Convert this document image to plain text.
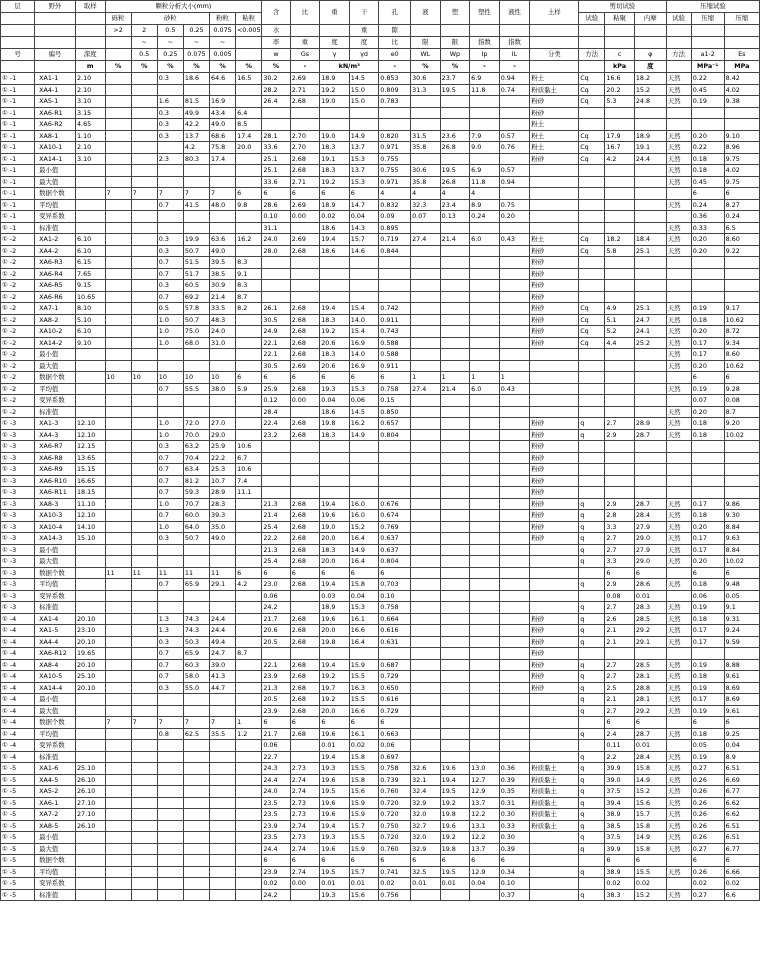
层	野外	取样	颗粒分析大小(mm)						含	比	重	干	孔	液	塑	塑性	液性	土样	剪切试验			压缩试验		
			砾粒	砂粒			粉粒	粘粒											试验	粘聚	内摩	试验	压缩	压缩
			>2	2	0.5	0.25	0.075	<0.005	水			重	隙											
				~	~	~	~		率	重	度	度	比	限	限	指数	指数							
号	编号	深度		0.5	0.25	0.075	0.005		w	Gs	γ	γd	e0	WL	Wp	Ip	IL	分类	方法	c	φ	方法	a1-2	Es
		m	%	%	%	%	%	%	%	-	kN/m³		-	%	%	-	-			kPa	度		MPa⁻¹	MPa
① -1	XA1-1	2.10			0.3	18.6	64.6	16.5	30.2	2.69	18.9	14.5	0.853	30.6	23.7	6.9	0.94	粉土	Cq	16.6	18.2	天然	0.22	8.42
① -1	XA4-1	2.10							28.2	2.71	19.2	15.0	0.809	31.3	19.5	11.8	0.74	粉质黏土	Cq	20.2	15.2	天然	0.45	4.02
① -1	XA5-1	3.10			1.6	81.5	16.9		26.4	2.68	19.0	15.0	0.783					粉砂	Cq	5.3	24.8	天然	0.19	9.38
① -1	XA6-R1	3.15			0.3	49.9	43.4	6.4										粉砂						
① -1	XA6-R2	4.65			0.3	42.2	49.0	8.5										粉土						
① -1	XA8-1	1.10			0.3	13.7	68.6	17.4	28.1	2.70	19.0	14.9	0.820	31.5	23.6	7.9	0.57	粉土	Cq	17.9	18.9	天然	0.20	9.10
① -1	XA10-1	2.10				4.2	75.8	20.0	33.6	2.70	18.3	13.7	0.971	35.8	26.8	9.0	0.76	粉土	Cq	16.7	19.1	天然	0.22	8.96
① -1	XA14-1	3.10			2.3	80.3	17.4		25.1	2.68	19.1	15.3	0.755					粉砂	Cq	4.2	24.4	天然	0.18	9.75
① -1	最小值								25.1	2.68	18.3	13.7	0.755	30.6	19.5	6.9	0.57					天然	0.18	4.02
① -1	最大值								33.6	2.71	19.2	15.3	0.971	35.8	26.8	11.8	0.94					天然	0.45	9.75
① -1	数据个数		7	7	7	7	7	6	6	6	6	6	4	4	4	4							6	6
① -1	平均值				0.7	41.5	48.0	9.8	28.6	2.69	18.9	14.7	0.832	32.3	23.4	8.9	0.75					天然	0.24	8.27
① -1	变异系数								0.10	0.00	0.02	0.04	0.09	0.07	0.13	0.24	0.20						0.36	0.24
① -1	标准值								31.1		18.6	14.3	0.895									天然	0.33	6.5
① -2	XA1-2	6.10			0.3	19.9	63.6	16.2	24.0	2.69	19.4	15.7	0.719	27.4	21.4	6.0	0.43	粉土	Cq	18.2	18.4	天然	0.20	8.60
① -2	XA4-2	6.10			0.3	50.7	49.0		28.0	2.68	18.6	14.6	0.844					粉砂	Cq	5.8	25.1	天然	0.20	9.22
① -2	XA6-R3	6.15			0.7	51.5	39.5	8.3										粉砂						
① -2	XA6-R4	7.65			0.7	51.7	38.5	9.1										粉砂						
① -2	XA6-R5	9.15			0.3	60.5	30.9	8.3										粉砂						
① -2	XA6-R6	10.65			0.7	69.2	21.4	8.7										粉砂						
① -2	XA7-1	8.10			0.5	57.8	33.5	8.2	26.1	2.68	19.4	15.4	0.742					粉砂	Cq	4.9	25.1	天然	0.19	9.17
① -2	XA8-2	5.10			1.0	50.7	48.3		30.5	2.68	18.3	14.0	0.911					粉砂	Cq	5.1	24.7	天然	0.18	10.62
① -2	XA10-2	6.10			1.0	75.0	24.0		24.9	2.68	19.2	15.4	0.743					粉砂	Cq	5.2	24.1	天然	0.20	8.72
① -2	XA14-2	9.10			1.0	68.0	31.0		22.1	2.68	20.6	16.9	0.588					粉砂	Cq	4.4	25.2	天然	0.17	9.34
① -2	最小值								22.1	2.68	18.3	14.0	0.588									天然	0.17	8.60
① -2	最大值								30.5	2.69	20.6	16.9	0.911									天然	0.20	10.62
① -2	数据个数		10	10	10	10	10	6	6	6	6	6	6	1	1	1	1						6	6
① -2	平均值				0.7	55.5	38.0	5.9	25.9	2.68	19.3	15.3	0.758	27.4	21.4	6.0	0.43					天然	0.19	9.28
① -2	变异系数								0.12	0.00	0.04	0.06	0.15										0.07	0.08
① -2	标准值								28.4		18.6	14.5	0.850									天然	0.20	8.7
① -3	XA1-3	12.10			1.0	72.0	27.0		22.4	2.68	19.8	16.2	0.657					粉砂	q	2.7	28.9	天然	0.18	9.20
① -3	XA4-3	12.10			1.0	70.0	29.0		23.2	2.68	18.3	14.9	0.804					粉砂	q	2.9	28.7	天然	0.18	10.02
① -3	XA6-R7	12.15			0.3	63.2	25.9	10.6										粉砂						
① -3	XA6-R8	13.65			0.7	70.4	22.2	6.7										粉砂						
① -3	XA6-R9	15.15			0.7	63.4	25.3	10.6										粉砂						
① -3	XA6-R10	16.65			0.7	81.2	10.7	7.4										粉砂						
① -3	XA6-R11	18.15			0.7	59.3	28.9	11.1										粉砂						
① -3	XA8-3	11.10			1.0	70.7	28.3		21.3	2.68	19.4	16.0	0.676					粉砂	q	2.9	28.7	天然	0.17	9.86
① -3	XA10-3	12.10			0.7	60.0	39.3		21.4	2.68	19.6	16.0	0.674					粉砂	q	2.8	28.4	天然	0.18	9.30
① -3	XA10-4	14.10			1.0	64.0	35.0		25.4	2.68	19.0	15.2	0.769					粉砂	q	3.3	27.9	天然	0.20	8.84
① -3	XA14-3	15.10			0.3	50.7	49.0		22.2	2.68	20.0	16.4	0.637					粉砂	q	2.7	29.0	天然	0.17	9.63
① -3	最小值								21.3	2.68	18.3	14.9	0.637						q	2.7	27.9	天然	0.17	8.84
① -3	最大值								25.4	2.68	20.0	16.4	0.804						q	3.3	29.0	天然	0.20	10.02
① -3	数据个数		11	11	11	11	11	6	6	6	6	6	6							6	6		6	6
① -3	平均值				0.7	65.9	29.1	4.2	23.0	2.68	19.4	15.8	0.703						q	2.9	28.6	天然	0.18	9.48
① -3	变异系数								0.06		0.03	0.04	0.10							0.08	0.01		0.06	0.05
① -3	标准值								24.2		18.9	15.3	0.758						q	2.7	28.3	天然	0.19	9.1
① -4	XA1-4	20.10			1.3	74.3	24.4		21.7	2.68	19.6	16.1	0.664					粉砂	q	2.6	28.5	天然	0.18	9.31
① -4	XA1-5	23.10			1.3	74.3	24.4		20.6	2.68	20.0	16.6	0.616					粉砂	q	2.1	29.2	天然	0.17	9.24
① -4	XA4-4	20.10			0.3	50.3	49.4		20.5	2.68	19.8	16.4	0.631					粉砂	q	2.1	29.1	天然	0.17	9.59
① -4	XA6-R12	19.65			0.7	65.9	24.7	8.7										粉砂						
① -4	XA8-4	20.10			0.7	60.3	39.0		22.1	2.68	19.4	15.9	0.687					粉砂	q	2.7	28.5	天然	0.19	8.88
① -4	XA10-5	25.10			0.7	58.0	41.3		23.9	2.68	19.2	15.5	0.729					粉砂	q	2.7	28.1	天然	0.18	9.61
① -4	XA14-4	20.10			0.3	55.0	44.7		21.3	2.68	19.7	16.3	0.650					粉砂	q	2.5	28.8	天然	0.19	8.69
① -4	最小值								20.5	2.68	19.2	15.5	0.616						q	2.1	28.1	天然	0.17	8.69
① -4	最大值								23.9	2.68	20.0	16.6	0.729						q	2.7	29.2	天然	0.19	9.61
① -4	数据个数		7	7	7	7	7	1	6	6	6	6	6							6	6		6	6
① -4	平均值				0.8	62.5	35.5	1.2	21.7	2.68	19.6	16.1	0.663						q	2.4	28.7	天然	0.18	9.25
① -4	变异系数								0.06		0.01	0.02	0.06							0.11	0.01		0.05	0.04
① -4	标准值								22.7		19.4	15.8	0.697						q	2.2	28.4	天然	0.19	8.9
① -5	XA1-6	25.10							24.3	2.73	19.3	15.5	0.758	32.6	19.6	13.0	0.36	粉质黏土	q	39.9	15.8	天然	0.27	6.51
① -5	XA4-5	26.10							24.4	2.74	19.6	15.8	0.739	32.1	19.4	12.7	0.39	粉质黏土	q	39.0	14.9	天然	0.26	6.69
① -5	XA5-2	26.10							24.0	2.74	19.5	15.6	0.760	32.4	19.5	12.9	0.35	粉质黏土	q	37.5	15.2	天然	0.26	6.77
① -5	XA6-1	27.10							23.5	2.73	19.6	15.9	0.720	32.9	19.2	13.7	0.31	粉质黏土	q	39.4	15.6	天然	0.26	6.62
① -5	XA7-2	27.10							23.5	2.73	19.6	15.9	0.720	32.0	19.8	12.2	0.30	粉质黏土	q	38.9	15.7	天然	0.26	6.62
① -5	XA8-5	26.10							23.9	2.74	19.4	15.7	0.750	32.7	19.6	13.1	0.33	粉质黏土	q	38.5	15.8	天然	0.26	6.51
① -5	最小值								23.5	2.73	19.3	15.5	0.720	32.0	19.2	12.2	0.30		q	37.5	14.9	天然	0.26	6.51
① -5	最大值								24.4	2.74	19.6	15.9	0.760	32.9	19.8	13.7	0.39		q	39.9	15.8	天然	0.27	6.77
① -5	数据个数								6	6	6	6	6	6	6	6	6			6	6		6	6
① -5	平均值								23.9	2.74	19.5	15.7	0.741	32.5	19.5	12.9	0.34		q	38.9	15.5	天然	0.26	6.66
① -5	变异系数								0.02	0.00	0.01	0.01	0.02	0.01	0.01	0.04	0.10			0.02	0.02		0.02	0.02
① -5	标准值								24.2		19.3	15.6	0.756				0.37		q	38.3	15.2	天然	0.27	6.6
